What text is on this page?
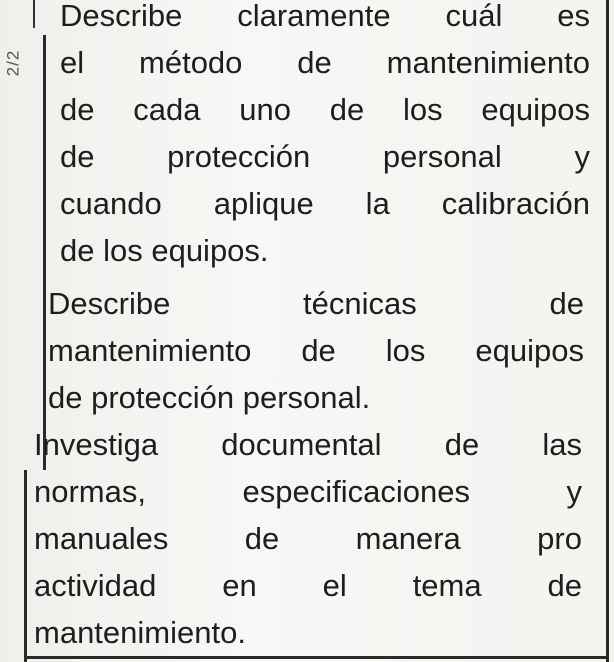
2/2

Describe claramente cuál es
el método de mantenimiento
de cada uno de los equipos
de protección personal y
cuando aplique la calibración
de los equipos.

Describe técnicas de
mantenimiento de los equipos
de protección personal.

Investiga documental de las
normas, especificaciones y
manuales de manera pro
actividad en el tema de
mantenimiento.
